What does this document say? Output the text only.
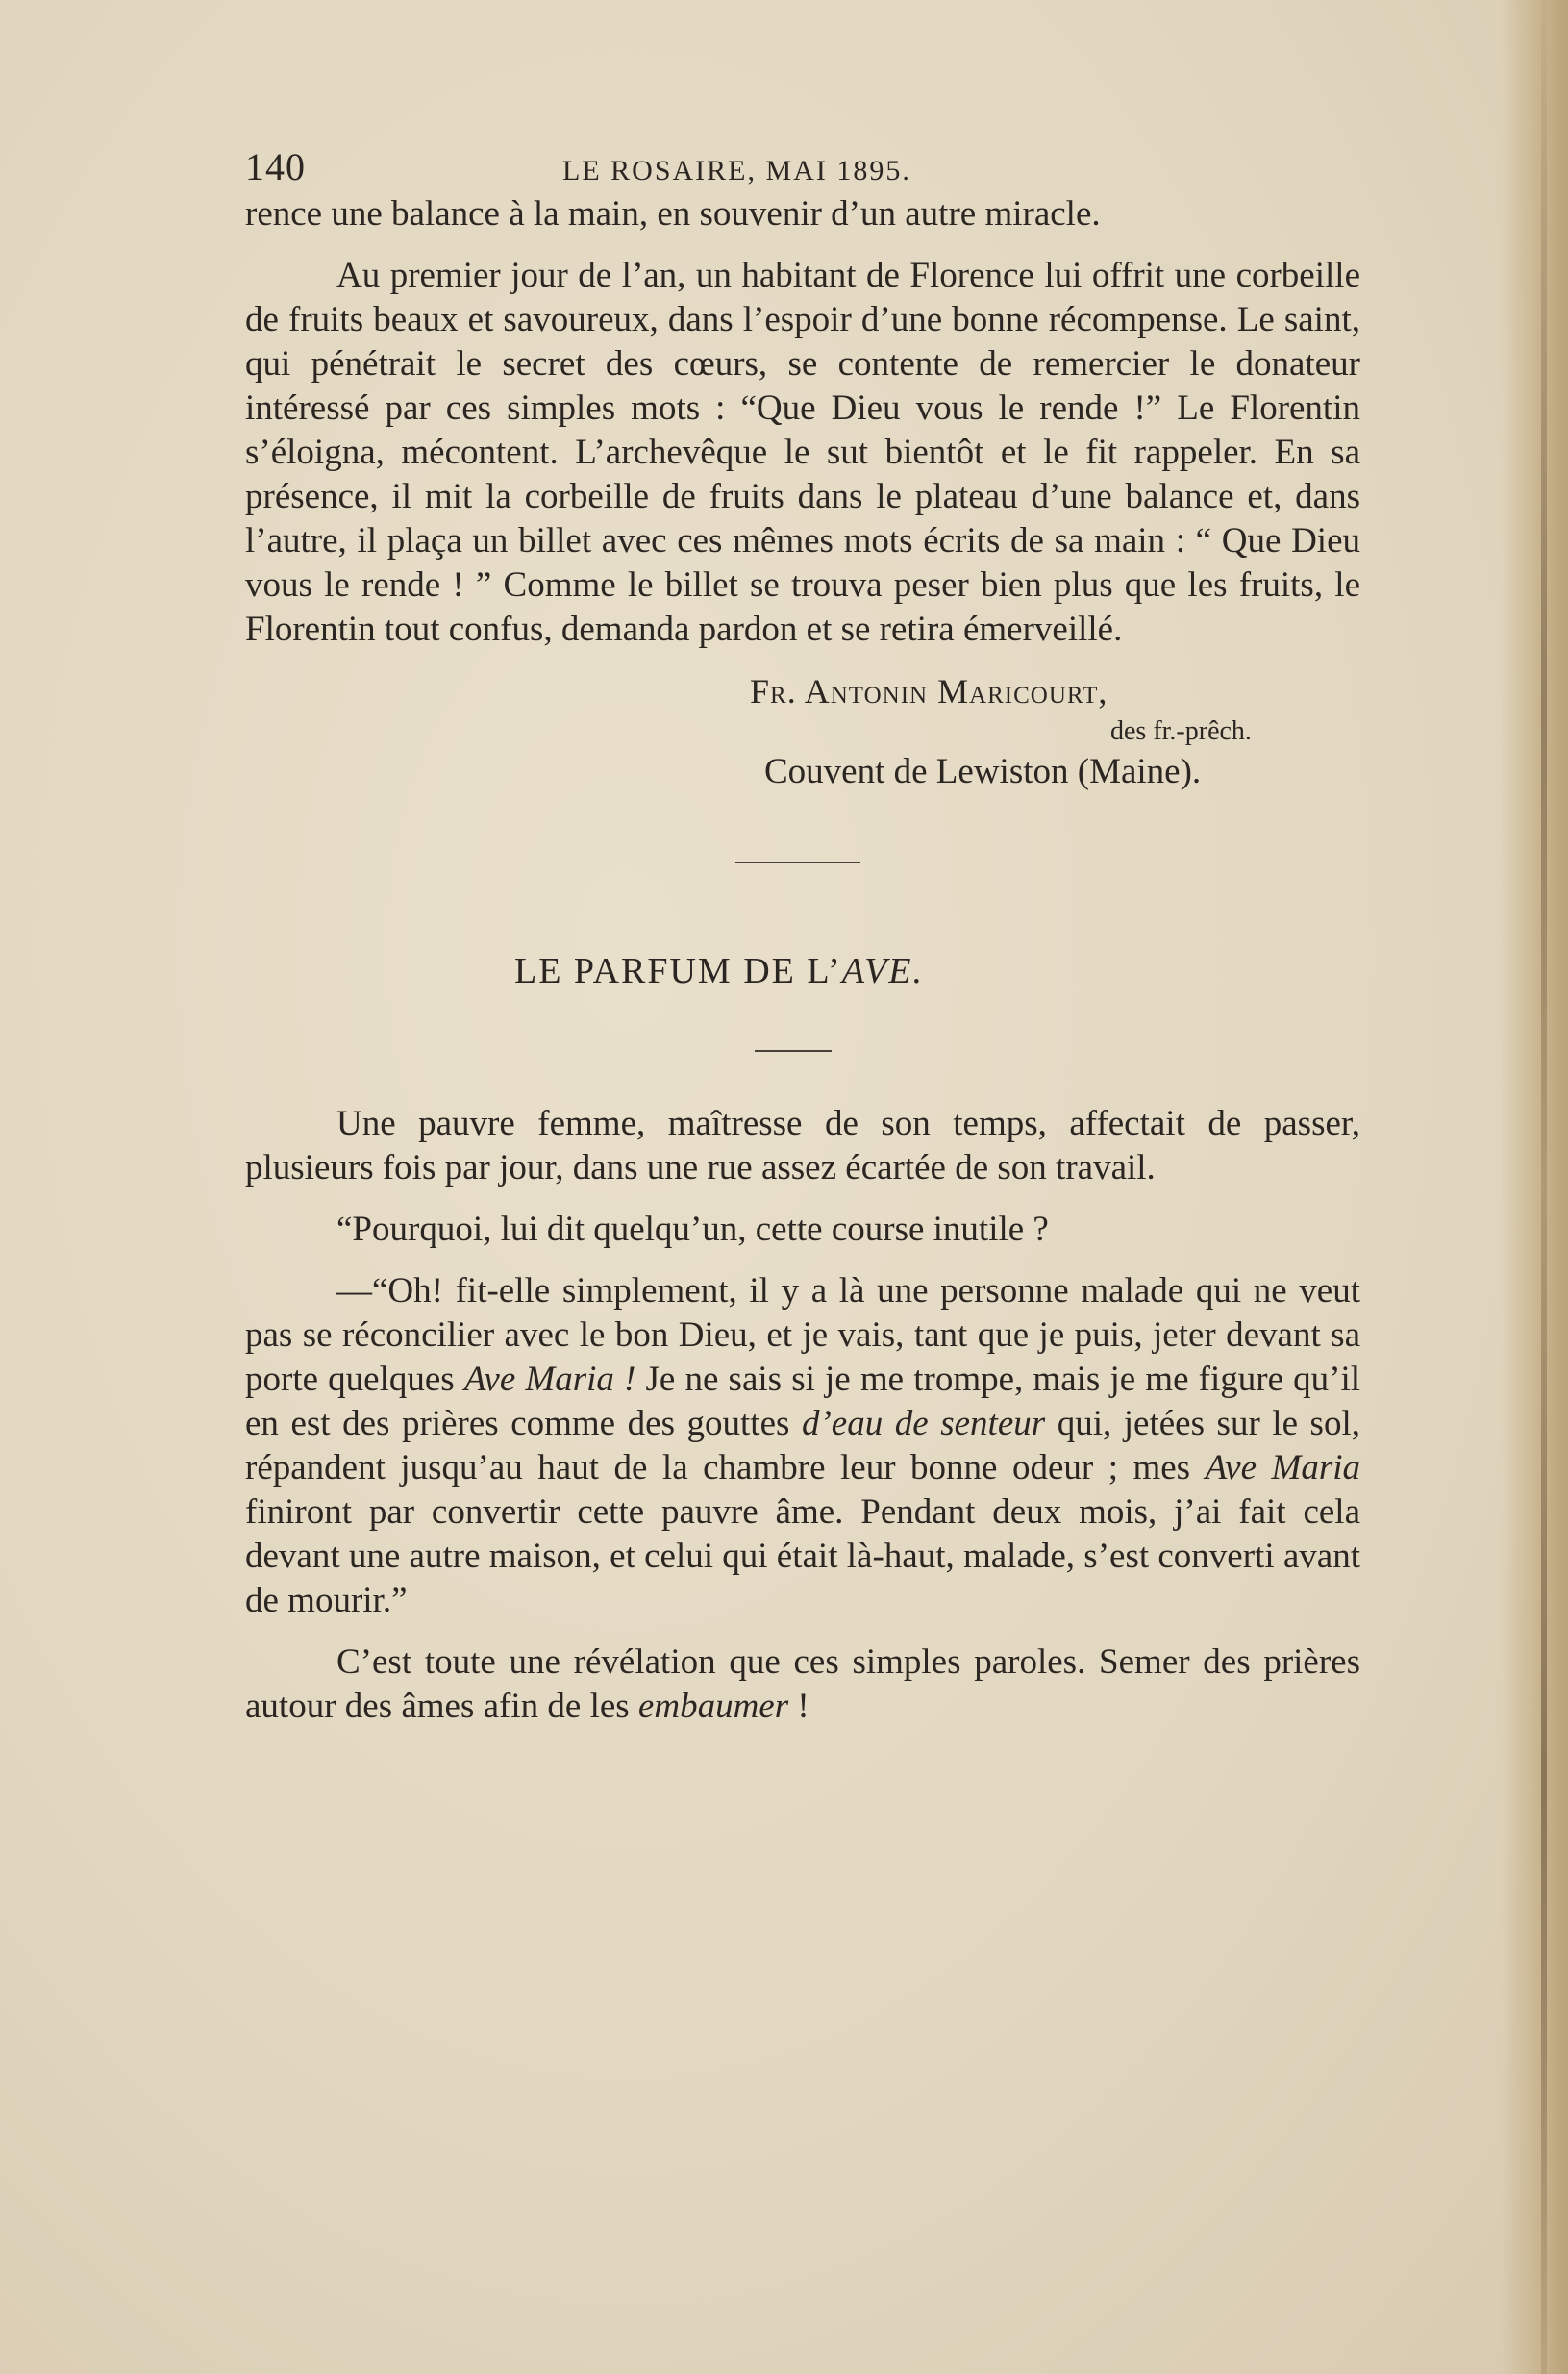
140	LE ROSAIRE, MAI 1895.

rence une balance à la main, en souvenir d’un autre miracle.

Au premier jour de l’an, un habitant de Florence lui offrit une corbeille de fruits beaux et savoureux, dans l’espoir d’une bonne récompense. Le saint, qui pénétrait le secret des cœurs, se contente de remercier le donateur intéressé par ces simples mots : “Que Dieu vous le rende !” Le Florentin s’éloigna, mécontent. L’archevêque le sut bientôt et le fit rappeler. En sa présence, il mit la corbeille de fruits dans le plateau d’une balance et, dans l’autre, il plaça un billet avec ces mêmes mots écrits de sa main : “ Que Dieu vous le rende ! ” Comme le billet se trouva peser bien plus que les fruits, le Florentin tout confus, demanda pardon et se retira émerveillé.

Fr. Antonin Maricourt,
des fr.-prêch.
Couvent de Lewiston (Maine).
LE PARFUM DE L’AVE.

Une pauvre femme, maîtresse de son temps, affectait de passer, plusieurs fois par jour, dans une rue assez écartée de son travail.

“Pourquoi, lui dit quelqu’un, cette course inutile ?

—“Oh! fit-elle simplement, il y a là une personne malade qui ne veut pas se réconcilier avec le bon Dieu, et je vais, tant que je puis, jeter devant sa porte quelques Ave Maria ! Je ne sais si je me trompe, mais je me figure qu’il en est des prières comme des gouttes d’eau de senteur qui, jetées sur le sol, répandent jusqu’au haut de la chambre leur bonne odeur ; mes Ave Maria finiront par convertir cette pauvre âme. Pendant deux mois, j’ai fait cela devant une autre maison, et celui qui était là-haut, malade, s’est converti avant de mourir.”

C’est toute une révélation que ces simples paroles. Semer des prières autour des âmes afin de les embaumer !
